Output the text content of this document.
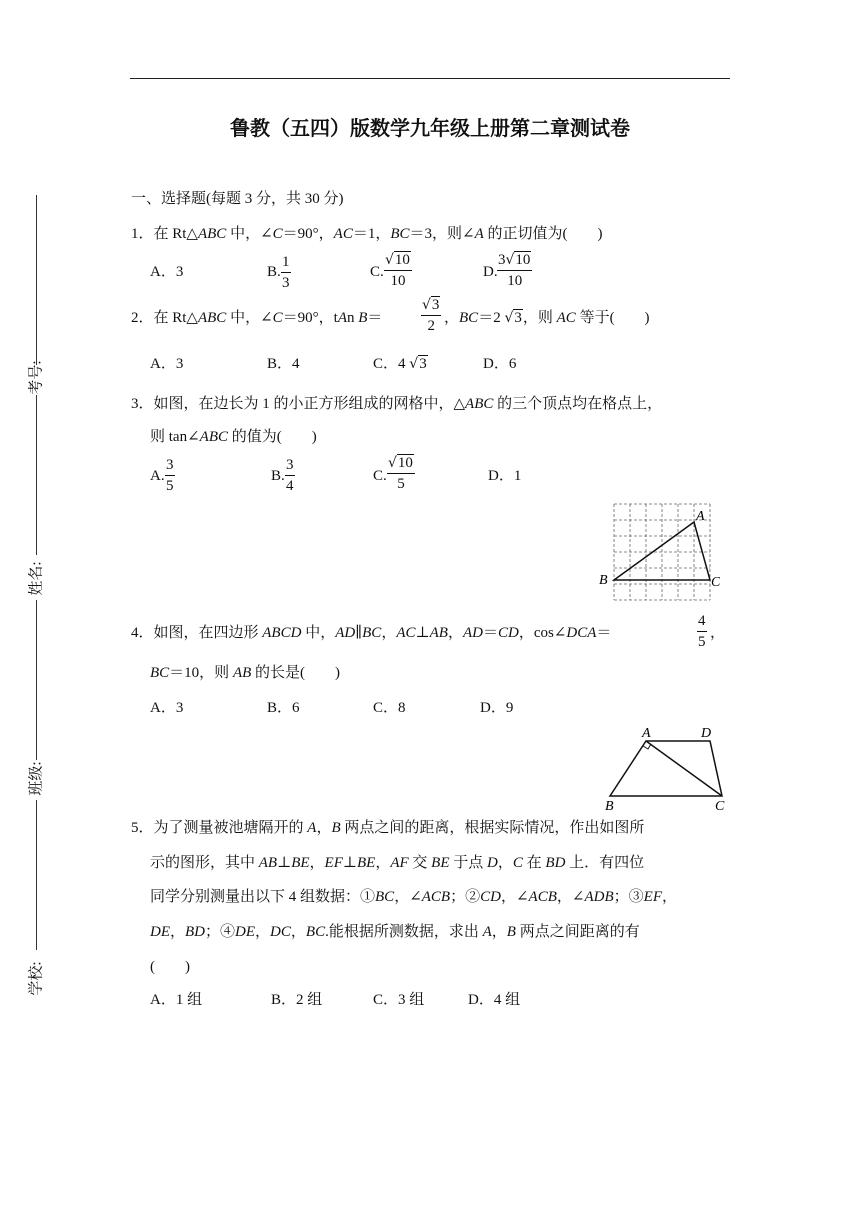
鲁教（五四）版数学九年级上册第二章测试卷
考号:
姓名:
班级:
学校:
一、选择题(每题 3 分，共 30 分)
1．在 Rt△ABC 中，∠C＝90°，AC＝1，BC＝3，则∠A 的正切值为(　　)
A．3	B. $\frac{1}{3}$	C. $\frac{√10}{10}$	D. $\frac{3√10}{10}$
2．在 Rt△ABC 中，∠C＝90°，tAn B＝	$\frac{√3}{2}$ ，BC＝2 √3，则 AC 等于(　　)
A．3	B．4	C．4 √3	D．6
3．如图，在边长为 1 的小正方形组成的网格中，△ABC 的三个顶点均在格点上，
则 tan∠ABC 的值为(　　)
A. $\frac{3}{5}$	B. $\frac{3}{4}$	C. $\frac{√10}{5}$	D．1
A
B	C
4．如图，在四边形 ABCD 中，AD∥BC，AC⊥AB，AD＝CD，cos∠DCA＝	$\frac{4}{5}$ ，
BC＝10，则 AB 的长是(　　)
A．3	B．6	C．8	D．9
A
B	C
D
5．为了测量被池塘隔开的 A，B 两点之间的距离，根据实际情况，作出如图所
示的图形，其中 AB⊥BE，EF⊥BE，AF 交 BE 于点 D，C 在 BD 上．有四位
同学分别测量出以下 4 组数据：①BC，∠ACB；②CD，∠ACB，∠ADB；③EF，
DE，BD；④DE，DC，BC.能根据所测数据，求出 A，B 两点之间距离的有
(　　)
A．1 组	B．2 组	C．3 组	D．4 组
